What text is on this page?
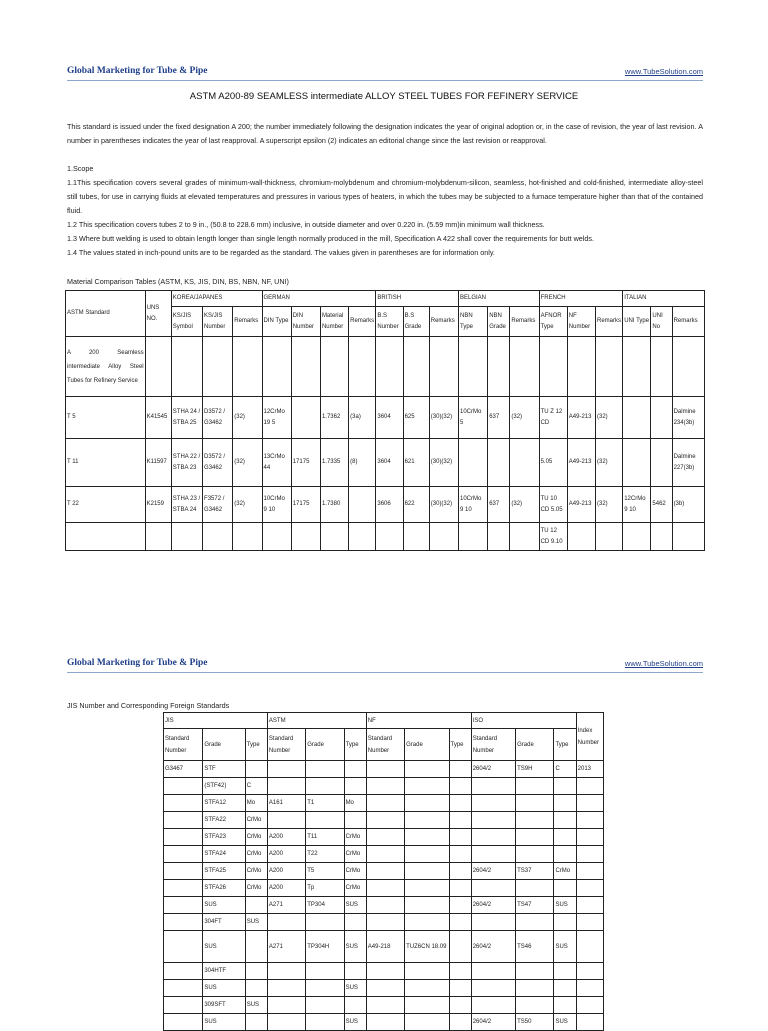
Global Marketing for Tube & Pipe	www.TubeSolution.com
ASTM A200-89 SEAMLESS intermediate ALLOY STEEL TUBES FOR FEFINERY SERVICE
This standard is issued under the fixed designation A 200; the number immediately following the designation indicates the year of original adoption or, in the case of revision, the year of last revision. A number in parentheses indicates the year of last reapproval. A superscript epsilon (2) indicates an editorial change since the last revision or reapproval.
1.Scope
1.1This specification covers several grades of minimum-wall-thickness, chromium-molybdenum and chromium-molybdenum-silicon, seamless, hot-finished and cold-finished, intermediate alloy-steel still tubes, for use in carrying fluids at elevated temperatures and pressures in various types of heaters, in which the tubes may be subjected to a furnace temperature higher than that of the contained fluid.
1.2 This specification covers tubes 2 to 9 in., (50.8 to 228.6 mm) inclusive, in outside diameter and over 0.220 in. (5.59 mm)in minimum wall thickness.
1.3 Where butt welding is used to obtain length longer than single length normally produced in the mill, Specification A 422 shall cover the requirements for butt welds.
1.4 The values stated in inch-pound units are to be regarded as the standard. The values given in parentheses are for information only.
Material Comparison Tables (ASTM, KS, JIS, DIN, BS, NBN, NF, UNI)
ASTM Standard	UNS NO.	KOREA/JAPANES			GERMAN				BRITISH			BELGIAN			FRENCH			ITALIAN		
		KS/JIS Symbol	KS/JIS Number	Remarks	DIN Type	DIN Number	Material Number	Remarks	B.S Number	B.S Grade	Remarks	NBN Type	NBN Grade	Remarks	AFNOR Type	NF Number	Remarks	UNI Type	UNI No	Remarks
A 200 Seamless intermediate Alloy Steel Tubes for Refinery Service																				
T 5	K41545	STHA 24 / STBA 25	D3572 / G3462	(32)	12CrMo 19 5		1.7362	(3a)	3604	625	(30)(32)	10CrMo 5	637	(32)	TU Z 12 CD	A49-213	(32)			Dalmine 234(3b)
T 11	K11597	STHA 22 / STBA 23	D3572 / G3462	(32)	13CrMo 44	17175	1.7335	(8)	3604	621	(30)(32)				5.05	A49-213	(32)			Dalmine 227(3b)
T 22	K2159	STHA 23 / STBA 24	F3572 / G3462	(32)	10CrMo 9 10	17175	1.7380		3606	622	(30)(32)	10CrMo 9 10	637	(32)	TU 10 CD 5.05	A49-213	(32)	12CrMo 9 10	5462	(3b)
															TU 12 CD 9.10					
Global Marketing for Tube & Pipe	www.TubeSolution.com
JIS Number and Corresponding Foreign Standards
JIS			ASTM			NF			ISO			Index Number
Standard Number	Grade	Type	Standard Number	Grade	Type	Standard Number	Grade	Type	Standard Number	Grade	Type	
G3467	STF								2604/2	TS9H	C	2013
	(STF42)	C										
	STFA12	Mo	A161	T1	Mo							
	STFA22	CrMo										
	STFA23	CrMo	A200	T11	CrMo							
	STFA24	CrMo	A200	T22	CrMo							
	STFA25	CrMo	A200	T5	CrMo				2604/2	TS37	CrMo	
	STFA26	CrMo	A200	Tp	CrMo							
	SUS		A271	TP304	SUS				2604/2	TS47	SUS	
	304FT	SUS										
	SUS		A271	TP304H	SUS	A49-218	TUZ6CN 18.09		2604/2	TS46	SUS	
	304HTF											
	SUS				SUS							
	309SFT	SUS										
	SUS				SUS				2604/2	TS50	SUS	
